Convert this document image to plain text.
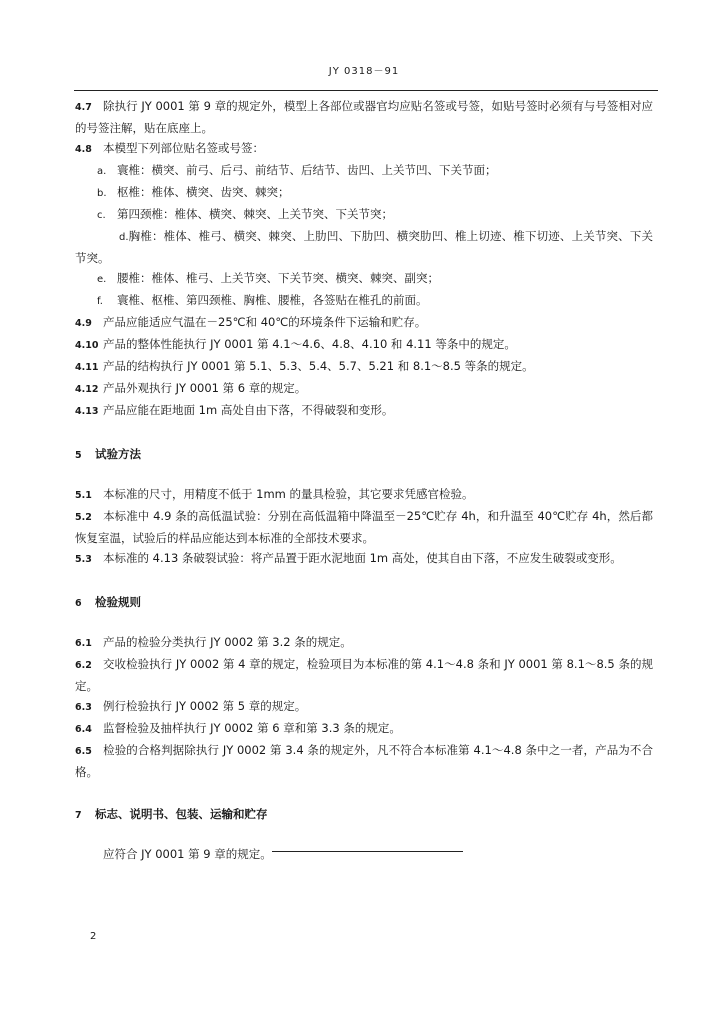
JY 0318－91

4.7 除执行 JY 0001 第 9 章的规定外，模型上各部位或器官均应贴名签或号签，如贴号签时必须有与号签相对应的号签注解，贴在底座上。

4.8 本模型下列部位贴名签或号签：

a. 寰椎：横突、前弓、后弓、前结节、后结节、齿凹、上关节凹、下关节面；

b. 枢椎：椎体、横突、齿突、棘突；

c. 第四颈椎：椎体、横突、棘突、上关节突、下关节突；

d.胸椎：椎体、椎弓、横突、棘突、上肋凹、下肋凹、横突肋凹、椎上切迹、椎下切迹、上关节突、下关节突。

e. 腰椎：椎体、椎弓、上关节突、下关节突、横突、棘突、副突；

f. 寰椎、枢椎、第四颈椎、胸椎、腰椎，各签贴在椎孔的前面。

4.9 产品应能适应气温在－25℃和 40℃的环境条件下运输和贮存。

4.10 产品的整体性能执行 JY 0001 第 4.1～4.6、4.8、4.10 和 4.11 等条中的规定。

4.11 产品的结构执行 JY 0001 第 5.1、5.3、5.4、5.7、5.21 和 8.1～8.5 等条的规定。

4.12 产品外观执行 JY 0001 第 6 章的规定。

4.13 产品应能在距地面 1m 高处自由下落，不得破裂和变形。

5 试验方法

5.1 本标准的尺寸，用精度不低于 1mm 的量具检验，其它要求凭感官检验。

5.2 本标准中 4.9 条的高低温试验：分别在高低温箱中降温至－25℃贮存 4h，和升温至 40℃贮存 4h，然后都恢复室温，试验后的样品应能达到本标准的全部技术要求。

5.3 本标准的 4.13 条破裂试验：将产品置于距水泥地面 1m 高处，使其自由下落，不应发生破裂或变形。

6 检验规则

6.1 产品的检验分类执行 JY 0002 第 3.2 条的规定。

6.2 交收检验执行 JY 0002 第 4 章的规定，检验项目为本标准的第 4.1～4.8 条和 JY 0001 第 8.1～8.5 条的规定。

6.3 例行检验执行 JY 0002 第 5 章的规定。

6.4 监督检验及抽样执行 JY 0002 第 6 章和第 3.3 条的规定。

6.5 检验的合格判据除执行 JY 0002 第 3.4 条的规定外，凡不符合本标准第 4.1～4.8 条中之一者，产品为不合格。

7 标志、说明书、包装、运输和贮存

应符合 JY 0001 第 9 章的规定。

2
